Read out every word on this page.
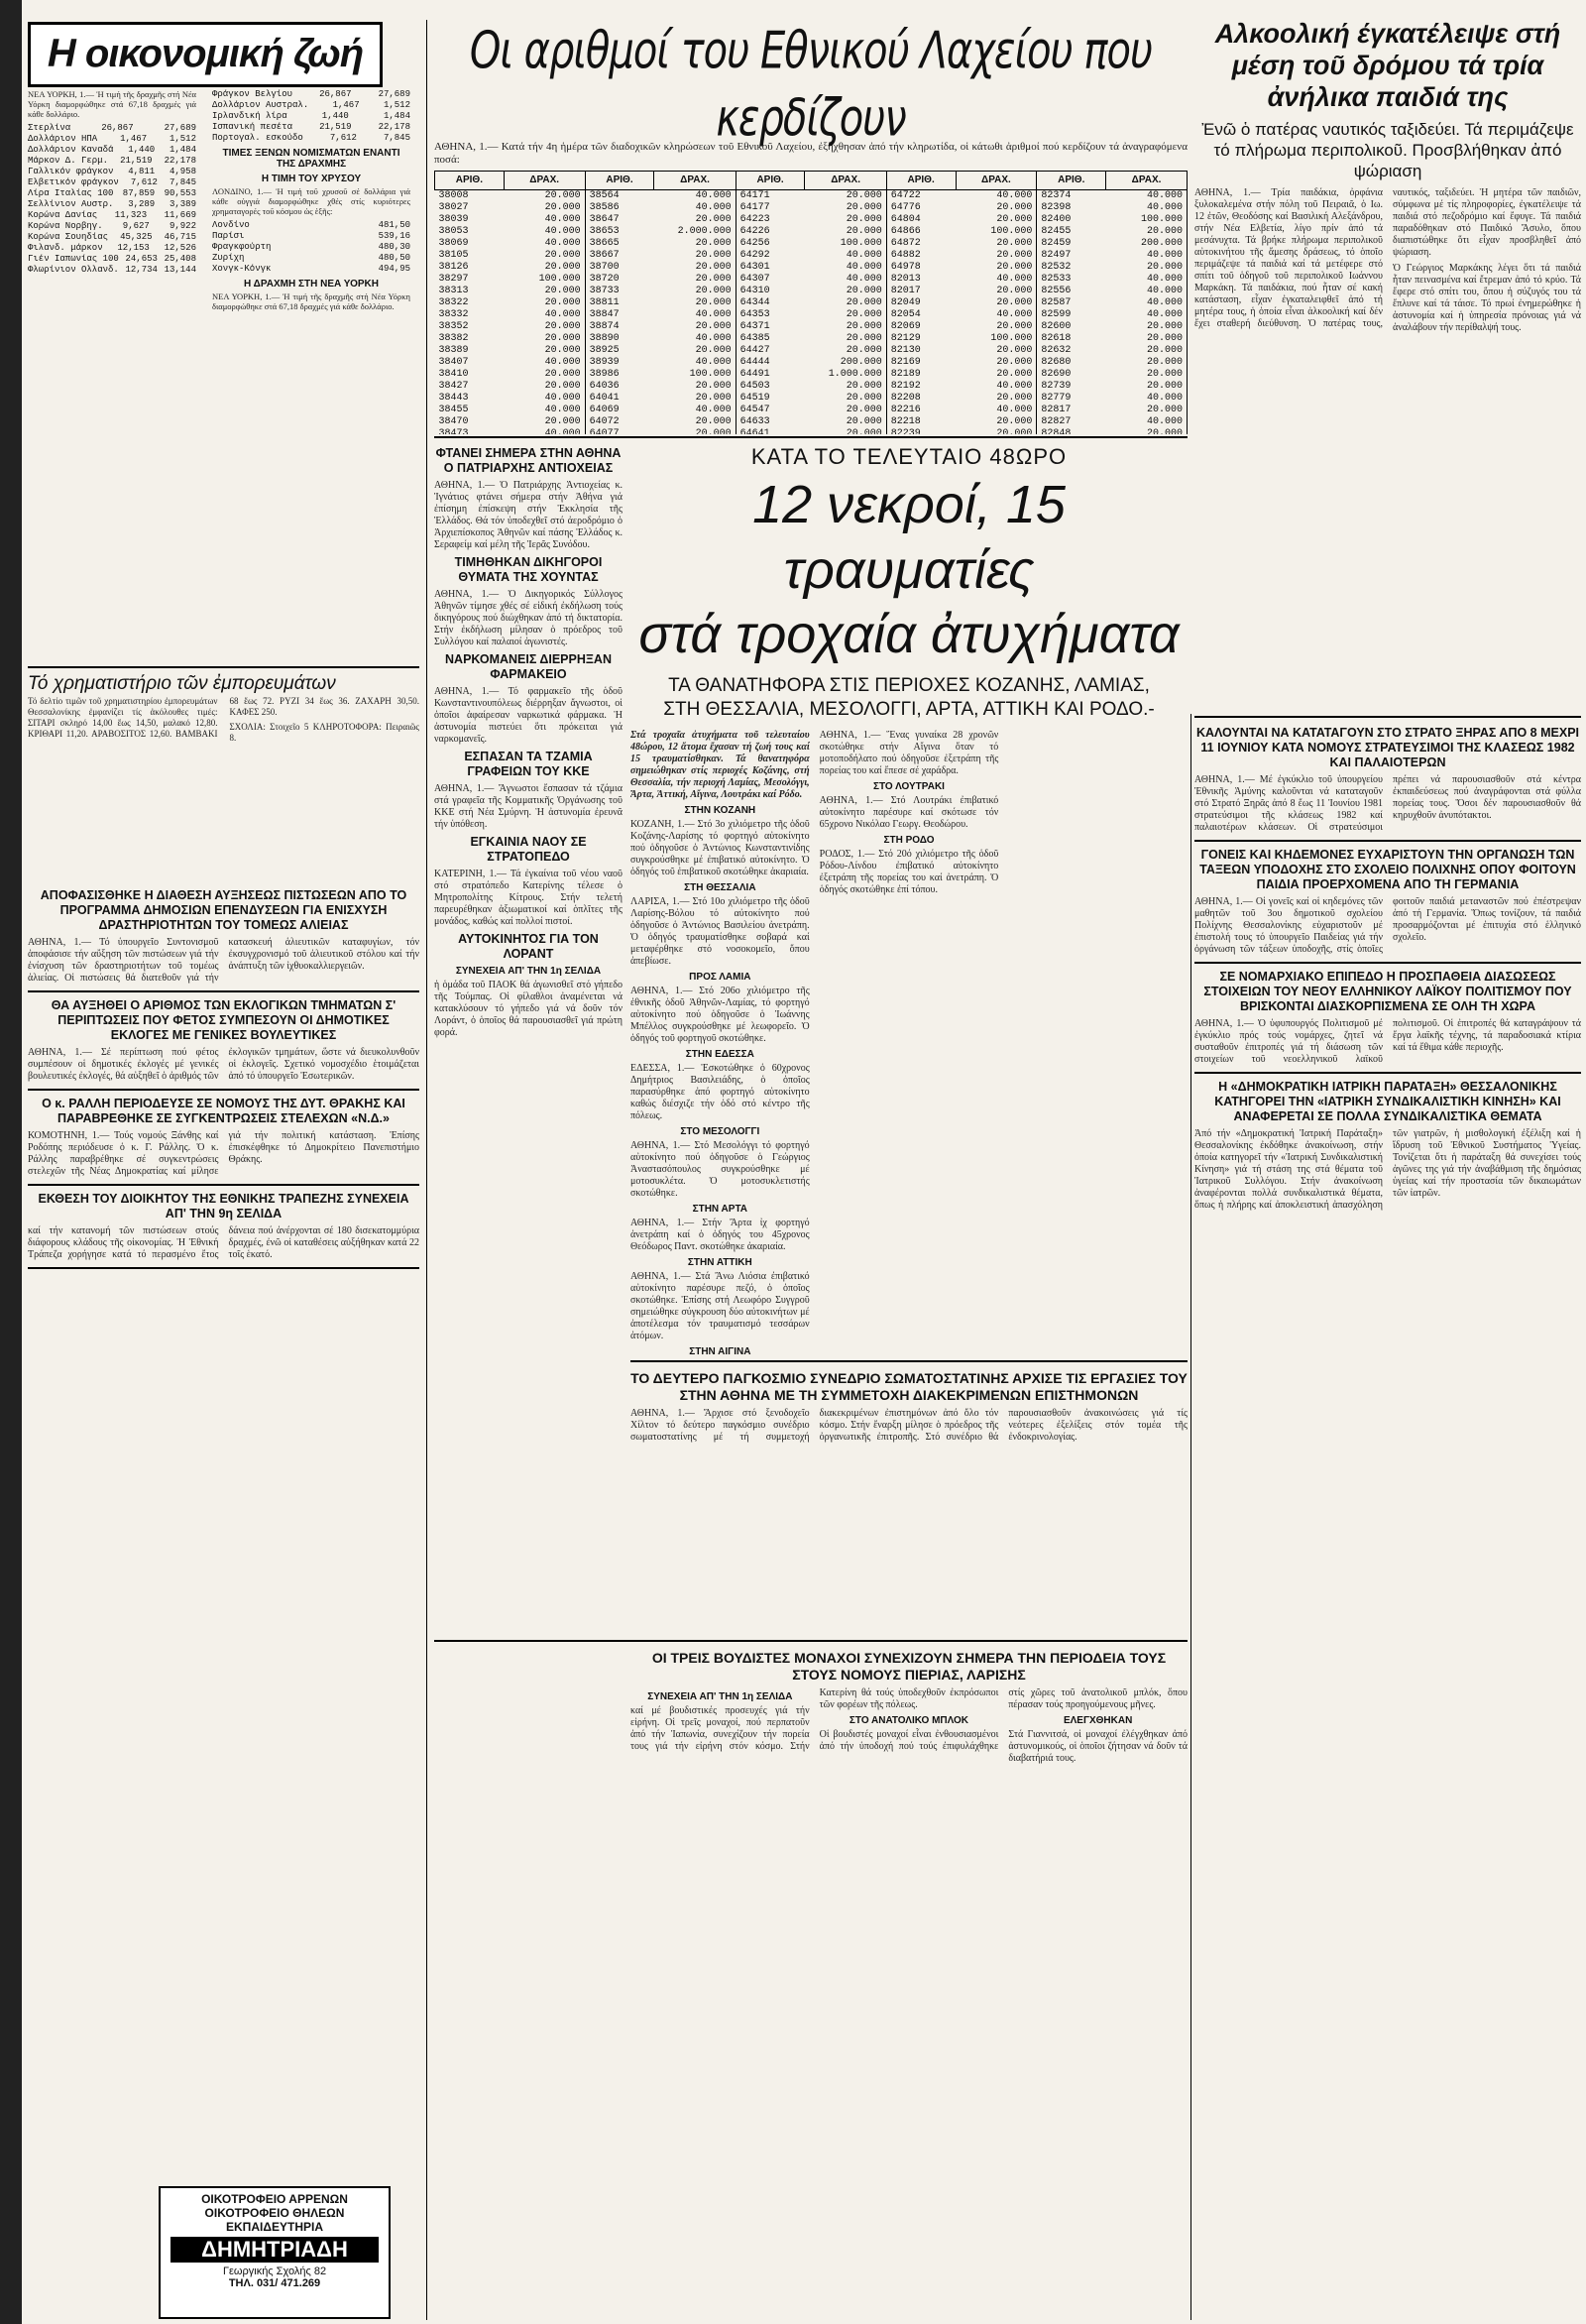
Η οικονομική ζωή
ΝΕΑ ΥΟΡΚΗ, 1.— Ἡ τιμή τῆς δραχμῆς στή Νέα Υόρκη διαμορφώθηκε στά 67,18 δραχμές γιά κάθε δολλάριο.
Στερλίνα	26,867	27,689
Δολλάριον ΗΠΑ	1,467	1,512
Δολλάριον Καναδά 1,440 1,484
Μάρκον Δ. Γερμ. 21,519 22,178
Γαλλικόν φράγκον 4,811 4,958
Ελβετικόν φράγκον 7,612 7,845
Λίρα Ιταλίας 100 87,859 90,553
Σελλίνιον Αυστρ. 3,289 3,389
Κορώνα Δανίας 11,323 11,669
Κορώνα Νορβηγ. 9,627 9,922
Κορώνα Σουηδίας 45,325 46,715
Φιλανδ. μάρκον 12,153 12,526
Γιέν Ιαπωνίας 100 24,653 25,408
Φλωρίνιον Ολλανδ. 12,734 13,144
Φράγκον Βελγίου	26,867	27,689
Δολλάριον Αυστραλ.	1,467	1,512
Ιρλανδική λίρα	1,440	1,484
Ισπανική πεσέτα	21,519	22,178
Πορτογαλ. εσκούδο	7,612	7,845
ΤΙΜΕΣ ΞΕΝΩΝ ΝΟΜΙΣΜΑΤΩΝ ΕΝΑΝΤΙ ΤΗΣ ΔΡΑΧΜΗΣ
Η ΤΙΜΗ ΤΟΥ ΧΡΥΣΟΥ
ΛΟΝΔΙΝΟ, 1.— Ἡ τιμή τοῦ χρυσοῦ σέ δολλάρια γιά κάθε οὐγγιά διαμορφώθηκε χθές στίς κυριότερες χρηματαγορές τοῦ κόσμου ὡς ἑξῆς:
Λονδίνο	481,50
Παρίσι	539,16
Φραγκφούρτη	480,30
Ζυρίχη	480,50
Χονγκ-Κόνγκ	494,95
Η ΔΡΑΧΜΗ ΣΤΗ ΝΕΑ ΥΟΡΚΗ
ΝΕΑ ΥΟΡΚΗ, 1.— Ἡ τιμή τῆς δραχμῆς στή Νέα Υόρκη διαμορφώθηκε στά 67,18 δραχμές γιά κάθε δολλάριο.
Τό χρηματιστήριο τῶν ἐμπορευμάτων

Τό δελτίο τιμῶν τοῦ χρηματιστηρίου ἐμπορευμάτων Θεσσαλονίκης ἐμφανίζει τίς ἀκόλουθες τιμές: ΣΙΤΑΡΙ σκληρό 14,00 ἕως 14,50, μαλακό 12,80. ΚΡΙΘΑΡΙ 11,20. ΑΡΑΒΟΣΙΤΟΣ 12,60. ΒΑΜΒΑΚΙ 68 ἕως 72. ΡΥΖΙ 34 ἕως 36. ΖΑΧΑΡΗ 30,50. ΚΑΦΕΣ 250.

ΣΧΟΛΙΑ: Στοιχεῖο 5 ΚΛΗΡΟΤΟΦΟΡΑ: Πειραιῶς 8.

ΑΠΟΦΑΣΙΣΘΗΚΕ Η ΔΙΑΘΕΣΗ ΑΥΞΗΣΕΩΣ ΠΙΣΤΩΣΕΩΝ ΑΠΟ ΤΟ ΠΡΟΓΡΑΜΜΑ ΔΗΜΟΣΙΩΝ ΕΠΕΝΔΥΣΕΩΝ ΓΙΑ ΕΝΙΣΧΥΣΗ ΔΡΑΣΤΗΡΙΟΤΗΤΩΝ ΤΟΥ ΤΟΜΕΩΣ ΑΛΙΕΙΑΣ

ΑΘΗΝΑ, 1.— Τό ὑπουργεῖο Συντονισμοῦ ἀποφάσισε τήν αὔξηση τῶν πιστώσεων γιά τήν ἐνίσχυση τῶν δραστηριοτήτων τοῦ τομέως ἁλιείας. Οἱ πιστώσεις θά διατεθοῦν γιά τήν κατασκευή ἁλιευτικῶν καταφυγίων, τόν ἐκσυγχρονισμό τοῦ ἁλιευτικοῦ στόλου καί τήν ἀνάπτυξη τῶν ἰχθυοκαλλιεργειῶν.

ΘΑ ΑΥΞΗΘΕΙ Ο ΑΡΙΘΜΟΣ ΤΩΝ ΕΚΛΟΓΙΚΩΝ ΤΜΗΜΑΤΩΝ Σ' ΠΕΡΙΠΤΩΣΕΙΣ ΠΟΥ ΦΕΤΟΣ ΣΥΜΠΕΣΟΥΝ ΟΙ ΔΗΜΟΤΙΚΕΣ ΕΚΛΟΓΕΣ ΜΕ ΓΕΝΙΚΕΣ ΒΟΥΛΕΥΤΙΚΕΣ

ΑΘΗΝΑ, 1.— Σέ περίπτωση πού φέτος συμπέσουν οἱ δημοτικές ἐκλογές μέ γενικές βουλευτικές ἐκλογές, θά αὐξηθεῖ ὁ ἀριθμός τῶν ἐκλογικῶν τμημάτων, ὥστε νά διευκολυνθοῦν οἱ ἐκλογεῖς. Σχετικό νομοσχέδιο ἑτοιμάζεται ἀπό τό ὑπουργεῖο Ἐσωτερικῶν.

Ο κ. ΡΑΛΛΗ ΠΕΡΙΟΔΕΥΣΕ ΣΕ ΝΟΜΟΥΣ ΤΗΣ ΔΥΤ. ΘΡΑΚΗΣ ΚΑΙ ΠΑΡΑΒΡΕΘΗΚΕ ΣΕ ΣΥΓΚΕΝΤΡΩΣΕΙΣ ΣΤΕΛΕΧΩΝ «Ν.Δ.»

ΚΟΜΟΤΗΝΗ, 1.— Τούς νομούς Ξάνθης καί Ροδόπης περιόδευσε ὁ κ. Γ. Ράλλης. Ὁ κ. Ράλλης παραβρέθηκε σέ συγκεντρώσεις στελεχῶν τῆς Νέας Δημοκρατίας καί μίλησε γιά τήν πολιτική κατάσταση. Ἐπίσης ἐπισκέφθηκε τό Δημοκρίτειο Πανεπιστήμιο Θράκης.

ΕΚΘΕΣΗ ΤΟΥ ΔΙΟΙΚΗΤΟΥ ΤΗΣ ΕΘΝΙΚΗΣ ΤΡΑΠΕΖΗΣ ΣΥΝΕΧΕΙΑ ΑΠ' ΤΗΝ 9η ΣΕΛΙΔΑ

καί τήν κατανομή τῶν πιστώσεων στούς διάφορους κλάδους τῆς οἰκονομίας. Ἡ Ἐθνική Τράπεζα χορήγησε κατά τό περασμένο ἔτος δάνεια πού ἀνέρχονται σέ 180 δισεκατομμύρια δραχμές, ἐνῶ οἱ καταθέσεις αὐξήθηκαν κατά 22 τοῖς ἑκατό.

ΟΙΚΟΤΡΟΦΕΙΟ ΑΡΡΕΝΩΝ
ΟΙΚΟΤΡΟΦΕΙΟ ΘΗΛΕΩΝ
ΕΚΠΑΙΔΕΥΤΗΡΙΑ
ΔΗΜΗΤΡΙΑΔΗ
Γεωργικής Σχολής 82
ΤΗΛ. 031/ 471.269
Οι αριθμοί του Εθνικού Λαχείου που κερδίζουν

ΑΘΗΝΑ, 1.— Κατά τήν 4η ἡμέρα τῶν διαδοχικῶν κληρώσεων τοῦ Εθνικοῦ Λαχείου, ἐξήχθησαν ἀπό τήν κληρωτίδα, οἱ κάτωθι ἀριθμοί πού κερδίζουν τά ἀναγραφόμενα ποσά:

ΑΡΙΘ.	ΔΡΑΧ.	ΑΡΙΘ.	ΔΡΑΧ.	ΑΡΙΘ.	ΔΡΑΧ.	ΑΡΙΘ.	ΔΡΑΧ.	ΑΡΙΘ.	ΔΡΑΧ.
38008	20.000	38564	40.000	64171	20.000	64722	40.000	82374	40.000
38027	20.000	38586	40.000	64177	20.000	64776	20.000	82398	40.000
38039	40.000	38647	20.000	64223	20.000	64804	20.000	82400	100.000
38053	40.000	38653	2.000.000	64226	20.000	64866	100.000	82455	20.000
38069	40.000	38665	20.000	64256	100.000	64872	20.000	82459	200.000
38105	20.000	38667	20.000	64292	40.000	64882	20.000	82497	40.000
38126	20.000	38700	20.000	64301	40.000	64978	20.000	82532	20.000
38297	100.000	38720	20.000	64307	40.000	82013	40.000	82533	40.000
38313	20.000	38733	20.000	64310	20.000	82017	20.000	82556	40.000
38322	20.000	38811	20.000	64344	20.000	82049	20.000	82587	40.000
38332	40.000	38847	40.000	64353	20.000	82054	40.000	82599	40.000
38352	20.000	38874	20.000	64371	20.000	82069	20.000	82600	20.000
38382	20.000	38890	40.000	64385	20.000	82129	100.000	82618	20.000
38389	20.000	38925	20.000	64427	20.000	82130	20.000	82632	20.000
38407	40.000	38939	40.000	64444	200.000	82169	20.000	82680	20.000
38410	20.000	38986	100.000	64491	1.000.000	82189	20.000	82690	20.000
38427	20.000	64036	20.000	64503	20.000	82192	40.000	82739	20.000
38443	40.000	64041	20.000	64519	20.000	82208	20.000	82779	40.000
38455	40.000	64069	40.000	64547	20.000	82216	40.000	82817	20.000
38470	20.000	64072	20.000	64633	20.000	82218	20.000	82827	40.000
38473	40.000	64077	20.000	64641	20.000	82239	20.000	82848	20.000

Αλκοολική έγκατέλειψε στή μέση τοῦ δρόμου τά τρία ἀνήλικα παιδιά της
Ἐνῶ ὁ πατέρας ναυτικός ταξιδεύει. Τά περιμάζεψε τό πλήρωμα περιπολικοῦ. Προσβλήθηκαν ἀπό ψώριαση

ΑΘΗΝΑ, 1.— Τρία παιδάκια, ὀρφάνια ξυλοκαλεμένα στήν πόλη τοῦ Πειραιᾶ, ὁ Ιω. 12 ἐτῶν, Θεοδόσης καί Βασιλική Αλεξάνδρου, στήν Νέα Ελβετία, λίγο πρίν ἀπό τά μεσάνυχτα. Τά βρήκε πλήρωμα περιπολικοῦ αὐτοκινήτου τῆς ἄμεσης δράσεως, τό ὁποῖο περιμάζεψε τά παιδιά καί τά μετέφερε στό σπίτι τοῦ ὁδηγοῦ τοῦ περιπολικοῦ Ιωάννου Μαρκάκη. Τά παιδάκια, πού ἦταν σέ κακή κατάσταση, εἶχαν ἐγκαταλειφθεῖ ἀπό τή μητέρα τους, ἡ ὁποία εἶναι ἀλκοολική καί δέν ἔχει σταθερή διεύθυνση. Ὁ πατέρας τους, ναυτικός, ταξιδεύει. Ἡ μητέρα τῶν παιδιῶν, σύμφωνα μέ τίς πληροφορίες, ἐγκατέλειψε τά παιδιά στό πεζοδρόμιο καί ἔφυγε. Τά παιδιά παραδόθηκαν στό Παιδικό Ἄσυλο, ὅπου διαπιστώθηκε ὅτι εἶχαν προσβληθεῖ ἀπό ψώριαση.

Ὁ Γεώργιος Μαρκάκης λέγει ὅτι τά παιδιά ἦταν πεινασμένα καί ἔτρεμαν ἀπό τό κρύο. Τά ἔφερε στό σπίτι του, ὅπου ἡ σύζυγός του τά ἔπλυνε καί τά τάισε. Τό πρωί ἐνημερώθηκε ἡ ἀστυνομία καί ἡ ὑπηρεσία πρόνοιας γιά νά ἀναλάβουν τήν περίθαλψή τους.

ΦΤΑΝΕΙ ΣΗΜΕΡΑ ΣΤΗΝ ΑΘΗΝΑ Ο ΠΑΤΡΙΑΡΧΗΣ ΑΝΤΙΟΧΕΙΑΣ

ΑΘΗΝΑ, 1.— Ὁ Πατριάρχης Ἀντιοχείας κ. Ἰγνάτιος φτάνει σήμερα στήν Ἀθήνα γιά ἐπίσημη ἐπίσκεψη στήν Ἐκκλησία τῆς Ἑλλάδος. Θά τόν ὑποδεχθεῖ στό ἀεροδρόμιο ὁ Ἀρχιεπίσκοπος Ἀθηνῶν καί πάσης Ἑλλάδος κ. Σεραφείμ καί μέλη τῆς Ἱερᾶς Συνόδου.

ΤΙΜΗΘΗΚΑΝ ΔΙΚΗΓΟΡΟΙ ΘΥΜΑΤΑ ΤΗΣ ΧΟΥΝΤΑΣ

ΑΘΗΝΑ, 1.— Ὁ Δικηγορικός Σύλλογος Ἀθηνῶν τίμησε χθές σέ εἰδική ἐκδήλωση τούς δικηγόρους πού διώχθηκαν ἀπό τή δικτατορία. Στήν ἐκδήλωση μίλησαν ὁ πρόεδρος τοῦ Συλλόγου καί παλαιοί ἀγωνιστές.

ΝΑΡΚΟΜΑΝΕΙΣ ΔΙΕΡΡΗΞΑΝ ΦΑΡΜΑΚΕΙΟ

ΑΘΗΝΑ, 1.— Τό φαρμακεῖο τῆς ὁδοῦ Κωνσταντινουπόλεως διέρρηξαν ἄγνωστοι, οἱ ὁποῖοι ἀφαίρεσαν ναρκωτικά φάρμακα. Ἡ ἀστυνομία πιστεύει ὅτι πρόκειται γιά ναρκομανεῖς.

ΕΣΠΑΣΑΝ ΤΑ ΤΖΑΜΙΑ ΓΡΑΦΕΙΩΝ ΤΟΥ ΚΚΕ

ΑΘΗΝΑ, 1.— Ἄγνωστοι ἔσπασαν τά τζάμια στά γραφεῖα τῆς Κομματικῆς Ὀργάνωσης τοῦ ΚΚΕ στή Νέα Σμύρνη. Ἡ ἀστυνομία ἐρευνᾶ τήν ὑπόθεση.

ΕΓΚΑΙΝΙΑ ΝΑΟΥ ΣΕ ΣΤΡΑΤΟΠΕΔΟ

ΚΑΤΕΡΙΝΗ, 1.— Τά ἐγκαίνια τοῦ νέου ναοῦ στό στρατόπεδο Κατερίνης τέλεσε ὁ Μητροπολίτης Κίτρους. Στήν τελετή παρευρέθηκαν ἀξιωματικοί καί ὁπλῖτες τῆς μονάδος, καθώς καί πολλοί πιστοί.

ΑΥΤΟΚΙΝΗΤΟΣ ΓΙΑ ΤΟΝ ΛΟΡΑΝΤ
ΣΥΝΕΧΕΙΑ ΑΠ' ΤΗΝ 1η ΣΕΛΙΔΑ

ἡ ὁμάδα τοῦ ΠΑΟΚ θά ἀγωνισθεῖ στό γήπεδο τῆς Τούμπας. Οἱ φίλαθλοι ἀναμένεται νά κατακλύσουν τό γήπεδο γιά νά δοῦν τόν Λοράντ, ὁ ὁποῖος θά παρουσιασθεῖ γιά πρώτη φορά.

ΚΑΤΑ ΤΟ ΤΕΛΕΥΤΑΙΟ 48ΩΡΟ
12 νεκροί, 15 τραυματίες
στά τροχαία ἀτυχήματα
ΤΑ ΘΑΝΑΤΗΦΟΡΑ ΣΤΙΣ ΠΕΡΙΟΧΕΣ ΚΟΖΑΝΗΣ, ΛΑΜΙΑΣ, ΣΤΗ ΘΕΣΣΑΛΙΑ, ΜΕΣΟΛΟΓΓΙ, ΑΡΤΑ, ΑΤΤΙΚΗ ΚΑΙ ΡΟΔΟ.-

Στά τροχαῖα ἀτυχήματα τοῦ τελευταίου 48ώρου, 12 ἄτομα ἔχασαν τή ζωή τους καί 15 τραυματίσθηκαν. Τά θανατηφόρα σημειώθηκαν στίς περιοχές Κοζάνης, στή Θεσσαλία, τήν περιοχή Λαμίας, Μεσολόγγι, Ἄρτα, Ἀττική, Αἴγινα, Λουτράκι καί Ρόδο.

ΣΤΗΝ ΚΟΖΑΝΗ

ΚΟΖΑΝΗ, 1.— Στό 3ο χιλιόμετρο τῆς ὁδοῦ Κοζάνης-Λαρίσης τό φορτηγό αὐτοκίνητο πού ὁδηγοῦσε ὁ Ἀντώνιος Κωνσταντινίδης συγκρούσθηκε μέ ἐπιβατικό αὐτοκίνητο. Ὁ ὁδηγός τοῦ ἐπιβατικοῦ σκοτώθηκε ἀκαριαία.

ΣΤΗ ΘΕΣΣΑΛΙΑ

ΛΑΡΙΣΑ, 1.— Στό 10ο χιλιόμετρο τῆς ὁδοῦ Λαρίσης-Βόλου τό αὐτοκίνητο πού ὁδηγοῦσε ὁ Ἀντώνιος Βασιλείου ἀνετράπη. Ὁ ὁδηγός τραυματίσθηκε σοβαρά καί μεταφέρθηκε στό νοσοκομεῖο, ὅπου ἀπεβίωσε.

ΠΡΟΣ ΛΑΜΙΑ

ΑΘΗΝΑ, 1.— Στό 206ο χιλιόμετρο τῆς ἐθνικῆς ὁδοῦ Ἀθηνῶν-Λαμίας, τό φορτηγό αὐτοκίνητο πού ὁδηγοῦσε ὁ Ἰωάννης Μπέλλος συγκρούσθηκε μέ λεωφορεῖο. Ὁ ὁδηγός τοῦ φορτηγοῦ σκοτώθηκε.

ΣΤΗΝ ΕΔΕΣΣΑ

ΕΔΕΣΣΑ, 1.— Ἐσκοτώθηκε ὁ 60χρονος Δημήτριος Βασιλειάδης, ὁ ὁποῖος παρασύρθηκε ἀπό φορτηγό αὐτοκίνητο καθώς διέσχιζε τήν ὁδό στό κέντρο τῆς πόλεως.

ΣΤΟ ΜΕΣΟΛΟΓΓΙ

ΑΘΗΝΑ, 1.— Στό Μεσολόγγι τό φορτηγό αὐτοκίνητο πού ὁδηγοῦσε ὁ Γεώργιος Ἀναστασόπουλος συγκρούσθηκε μέ μοτοσυκλέτα. Ὁ μοτοσυκλετιστής σκοτώθηκε.

ΣΤΗΝ ΑΡΤΑ

ΑΘΗΝΑ, 1.— Στήν Ἄρτα ἰχ φορτηγό ἀνετράπη καί ὁ ὁδηγός του 45χρονος Θεόδωρος Παντ. σκοτώθηκε ἀκαριαία.

ΣΤΗΝ ΑΤΤΙΚΗ

ΑΘΗΝΑ, 1.— Στά Ἄνω Λιόσια ἐπιβατικό αὐτοκίνητο παρέσυρε πεζό, ὁ ὁποῖος σκοτώθηκε. Ἐπίσης στή Λεωφόρο Συγγροῦ σημειώθηκε σύγκρουση δύο αὐτοκινήτων μέ ἀποτέλεσμα τόν τραυματισμό τεσσάρων ἀτόμων.

ΣΤΗΝ ΑΙΓΙΝΑ

ΑΘΗΝΑ, 1.— Ἕνας γυναίκα 28 χρονῶν σκοτώθηκε στήν Αἴγινα ὅταν τό μοτοποδήλατο πού ὁδηγοῦσε ἐξετράπη τῆς πορείας του καί ἔπεσε σέ χαράδρα.

ΣΤΟ ΛΟΥΤΡΑΚΙ

ΑΘΗΝΑ, 1.— Στό Λουτράκι ἐπιβατικό αὐτοκίνητο παρέσυρε καί σκότωσε τόν 65χρονο Νικόλαο Γεωργ. Θεοδώρου.

ΣΤΗ ΡΟΔΟ

ΡΟΔΟΣ, 1.— Στό 20ό χιλιόμετρο τῆς ὁδοῦ Ρόδου-Λίνδου ἐπιβατικό αὐτοκίνητο ἐξετράπη τῆς πορείας του καί ἀνετράπη. Ὁ ὁδηγός σκοτώθηκε ἐπί τόπου.

ΤΟ ΔΕΥΤΕΡΟ ΠΑΓΚΟΣΜΙΟ ΣΥΝΕΔΡΙΟ ΣΩΜΑΤΟΣΤΑΤΙΝΗΣ ΑΡΧΙΣΕ ΤΙΣ ΕΡΓΑΣΙΕΣ ΤΟΥ ΣΤΗΝ ΑΘΗΝΑ ΜΕ ΤΗ ΣΥΜΜΕΤΟΧΗ ΔΙΑΚΕΚΡΙΜΕΝΩΝ ΕΠΙΣΤΗΜΟΝΩΝ

ΑΘΗΝΑ, 1.— Ἄρχισε στό ξενοδοχεῖο Χίλτον τό δεύτερο παγκόσμιο συνέδριο σωματοστατίνης μέ τή συμμετοχή διακεκριμένων ἐπιστημόνων ἀπό ὅλο τόν κόσμο. Στήν ἔναρξη μίλησε ὁ πρόεδρος τῆς ὀργανωτικῆς ἐπιτροπῆς. Στό συνέδριο θά παρουσιασθοῦν ἀνακοινώσεις γιά τίς νεότερες ἐξελίξεις στόν τομέα τῆς ἐνδοκρινολογίας.

ΟΙ ΤΡΕΙΣ ΒΟΥΔΙΣΤΕΣ ΜΟΝΑΧΟΙ ΣΥΝΕΧΙΖΟΥΝ ΣΗΜΕΡΑ ΤΗΝ ΠΕΡΙΟΔΕΙΑ ΤΟΥΣ ΣΤΟΥΣ ΝΟΜΟΥΣ ΠΙΕΡΙΑΣ, ΛΑΡΙΣΗΣ
ΣΥΝΕΧΕΙΑ ΑΠ' ΤΗΝ 1η ΣΕΛΙΔΑ

καί μέ βουδιστικές προσευχές γιά τήν εἰρήνη. Οἱ τρεῖς μοναχοί, πού περπατοῦν ἀπό τήν Ἰαπωνία, συνεχίζουν τήν πορεία τους γιά τήν εἰρήνη στόν κόσμο. Στήν Κατερίνη θά τούς ὑποδεχθοῦν ἐκπρόσωποι τῶν φορέων τῆς πόλεως.

ΣΤΟ ΑΝΑΤΟΛΙΚΟ ΜΠΛΟΚ

Οἱ βουδιστές μοναχοί εἶναι ἐνθουσιασμένοι ἀπό τήν ὑποδοχή πού τούς ἐπιφυλάχθηκε στίς χῶρες τοῦ ἀνατολικοῦ μπλόκ, ὅπου πέρασαν τούς προηγούμενους μῆνες.

ΕΛΕΓΧΘΗΚΑΝ

Στά Γιαννιτσά, οἱ μοναχοί ἐλέγχθηκαν ἀπό ἀστυνομικούς, οἱ ὁποῖοι ζήτησαν νά δοῦν τά διαβατήριά τους.

ΚΑΛΟΥΝΤΑΙ ΝΑ ΚΑΤΑΤΑΓΟΥΝ ΣΤΟ ΣΤΡΑΤΟ ΞΗΡΑΣ ΑΠΟ 8 ΜΕΧΡΙ 11 ΙΟΥΝΙΟΥ ΚΑΤΑ ΝΟΜΟΥΣ ΣΤΡΑΤΕΥΣΙΜΟΙ ΤΗΣ ΚΛΑΣΕΩΣ 1982 ΚΑΙ ΠΑΛΑΙΟΤΕΡΩΝ

ΑΘΗΝΑ, 1.— Μέ ἐγκύκλιο τοῦ ὑπουργείου Ἐθνικῆς Ἀμύνης καλοῦνται νά καταταγοῦν στό Στρατό Ξηρᾶς ἀπό 8 ἕως 11 Ἰουνίου 1981 στρατεύσιμοι τῆς κλάσεως 1982 καί παλαιοτέρων κλάσεων. Οἱ στρατεύσιμοι πρέπει νά παρουσιασθοῦν στά κέντρα ἐκπαιδεύσεως πού ἀναγράφονται στά φύλλα πορείας τους. Ὅσοι δέν παρουσιασθοῦν θά κηρυχθοῦν ἀνυπότακτοι.

ΓΟΝΕΙΣ ΚΑΙ ΚΗΔΕΜΟΝΕΣ ΕΥΧΑΡΙΣΤΟΥΝ ΤΗΝ ΟΡΓΑΝΩΣΗ ΤΩΝ ΤΑΞΕΩΝ ΥΠΟΔΟΧΗΣ ΣΤΟ ΣΧΟΛΕΙΟ ΠΟΛΙΧΝΗΣ ΟΠΟΥ ΦΟΙΤΟΥΝ ΠΑΙΔΙΑ ΠΡΟΕΡΧΟΜΕΝΑ ΑΠΟ ΤΗ ΓΕΡΜΑΝΙΑ

ΑΘΗΝΑ, 1.— Οἱ γονεῖς καί οἱ κηδεμόνες τῶν μαθητῶν τοῦ 3ου δημοτικοῦ σχολείου Πολίχνης Θεσσαλονίκης εὐχαριστοῦν μέ ἐπιστολή τους τό ὑπουργεῖο Παιδείας γιά τήν ὀργάνωση τῶν τάξεων ὑποδοχῆς, στίς ὁποῖες φοιτοῦν παιδιά μεταναστῶν πού ἐπέστρεψαν ἀπό τή Γερμανία. Ὅπως τονίζουν, τά παιδιά προσαρμόζονται μέ ἐπιτυχία στό ἑλληνικό σχολεῖο.

ΣΕ ΝΟΜΑΡΧΙΑΚΟ ΕΠΙΠΕΔΟ Η ΠΡΟΣΠΑΘΕΙΑ ΔΙΑΣΩΣΕΩΣ ΣΤΟΙΧΕΙΩΝ ΤΟΥ ΝΕΟΥ ΕΛΛΗΝΙΚΟΥ ΛΑΪΚΟΥ ΠΟΛΙΤΙΣΜΟΥ ΠΟΥ ΒΡΙΣΚΟΝΤΑΙ ΔΙΑΣΚΟΡΠΙΣΜΕΝΑ ΣΕ ΟΛΗ ΤΗ ΧΩΡΑ

ΑΘΗΝΑ, 1.— Ὁ ὑφυπουργός Πολιτισμοῦ μέ ἐγκύκλιο πρός τούς νομάρχες, ζητεῖ νά συσταθοῦν ἐπιτροπές γιά τή διάσωση τῶν στοιχείων τοῦ νεοελληνικοῦ λαϊκοῦ πολιτισμοῦ. Οἱ ἐπιτροπές θά καταγράψουν τά ἔργα λαϊκῆς τέχνης, τά παραδοσιακά κτίρια καί τά ἔθιμα κάθε περιοχῆς.

Η «ΔΗΜΟΚΡΑΤΙΚΗ ΙΑΤΡΙΚΗ ΠΑΡΑΤΑΞΗ» ΘΕΣΣΑΛΟΝΙΚΗΣ ΚΑΤΗΓΟΡΕΙ ΤΗΝ «ΙΑΤΡΙΚΗ ΣΥΝΔΙΚΑΛΙΣΤΙΚΗ ΚΙΝΗΣΗ» ΚΑΙ ΑΝΑΦΕΡΕΤΑΙ ΣΕ ΠΟΛΛΑ ΣΥΝΔΙΚΑΛΙΣΤΙΚΑ ΘΕΜΑΤΑ

Ἀπό τήν «Δημοκρατική Ἰατρική Παράταξη» Θεσσαλονίκης ἐκδόθηκε ἀνακοίνωση, στήν ὁποία κατηγορεῖ τήν «Ἰατρική Συνδικαλιστική Κίνηση» γιά τή στάση της στά θέματα τοῦ Ἰατρικοῦ Συλλόγου. Στήν ἀνακοίνωση ἀναφέρονται πολλά συνδικαλιστικά θέματα, ὅπως ἡ πλήρης καί ἀποκλειστική ἀπασχόληση τῶν γιατρῶν, ἡ μισθολογική ἐξέλιξη καί ἡ ἵδρυση τοῦ Ἐθνικοῦ Συστήματος Ὑγείας. Τονίζεται ὅτι ἡ παράταξη θά συνεχίσει τούς ἀγῶνες της γιά τήν ἀναβάθμιση τῆς δημόσιας ὑγείας καί τήν προστασία τῶν δικαιωμάτων τῶν ἰατρῶν.
